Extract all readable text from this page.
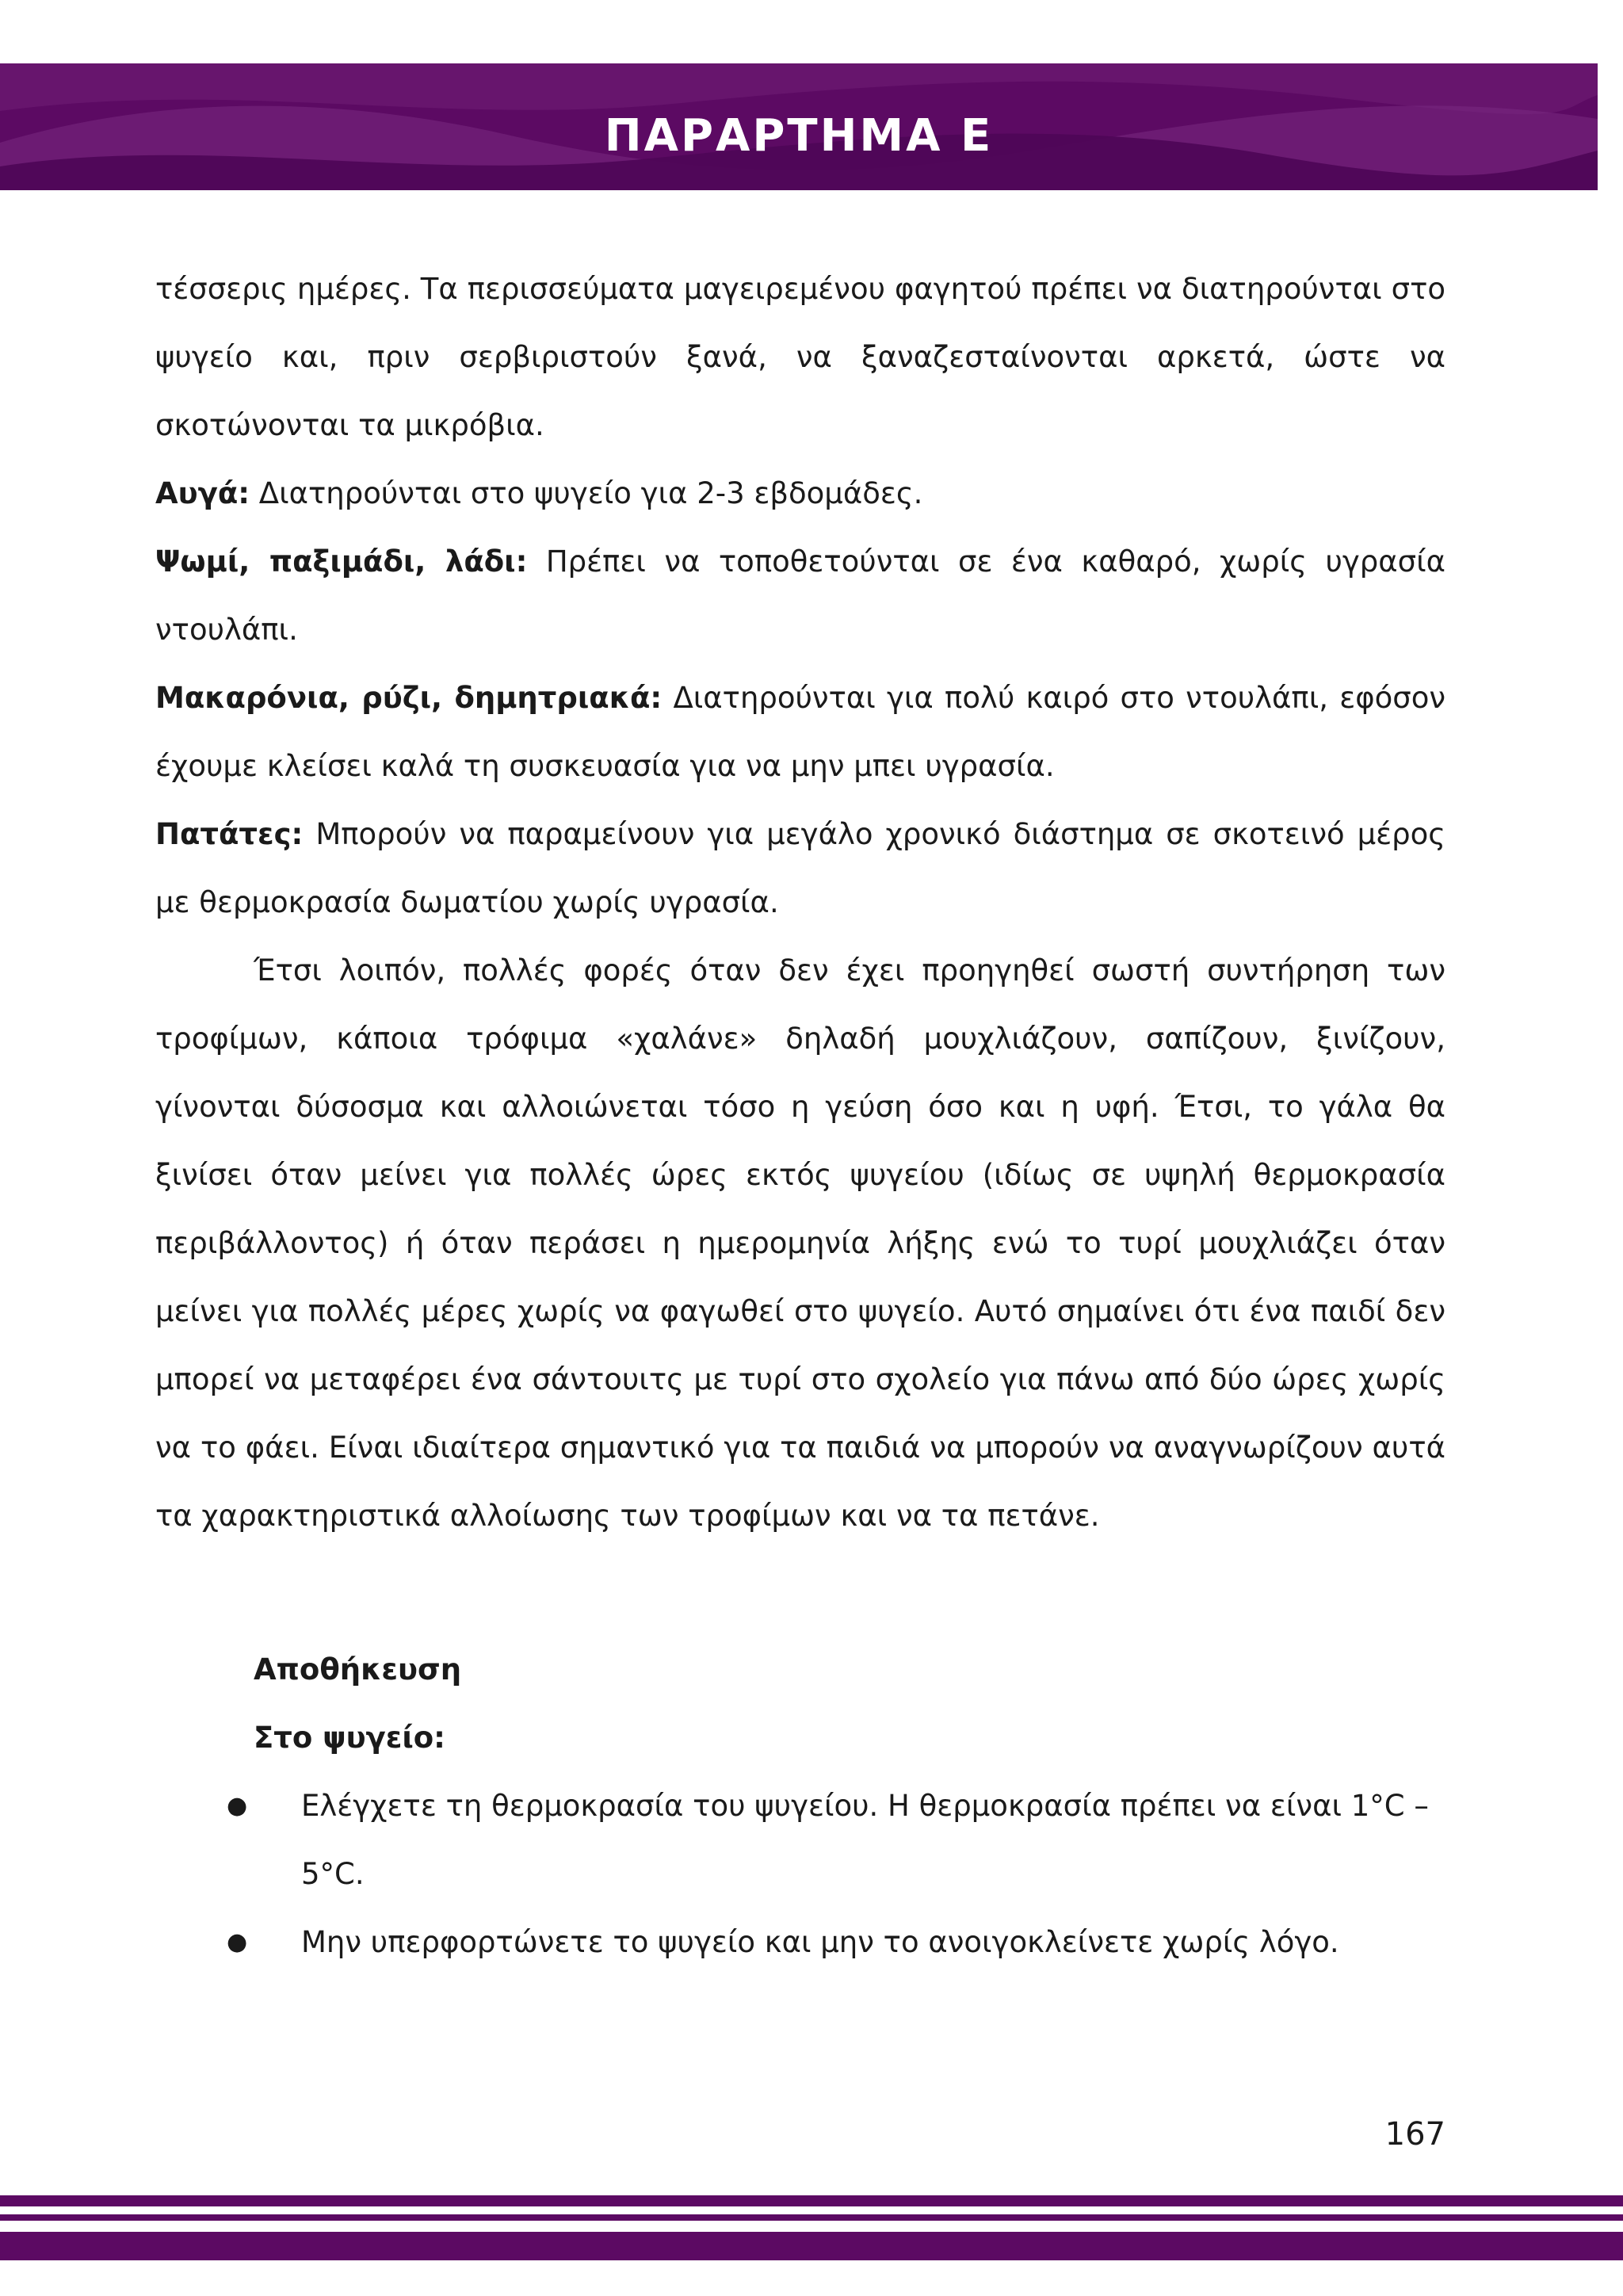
ΠΑΡΑΡΤΗΜΑ Ε

τέσσερις ημέρες. Τα περισσεύματα μαγειρεμένου φαγητού πρέπει να διατηρούνται στο ψυγείο και, πριν σερβιριστούν ξανά, να ξαναζεσταίνονται αρκετά, ώστε να σκοτώνονται τα μικρόβια.

Αυγά: Διατηρούνται στο ψυγείο για 2-3 εβδομάδες.

Ψωμί, παξιμάδι, λάδι: Πρέπει να τοποθετούνται σε ένα καθαρό, χωρίς υγρασία ντουλάπι.

Μακαρόνια, ρύζι, δημητριακά: Διατηρούνται για πολύ καιρό στο ντουλάπι, εφόσον έχουμε κλείσει καλά τη συσκευασία για να μην μπει υγρασία.

Πατάτες: Μπορούν να παραμείνουν για μεγάλο χρονικό διάστημα σε σκοτεινό μέρος με θερμοκρασία δωματίου χωρίς υγρασία.

Έτσι λοιπόν, πολλές φορές όταν δεν έχει προηγηθεί σωστή συντήρηση των τροφίμων, κάποια τρόφιμα «χαλάνε» δηλαδή μουχλιάζουν, σαπίζουν, ξινίζουν, γίνονται δύσοσμα και αλλοιώνεται τόσο η γεύση όσο και η υφή. Έτσι, το γάλα θα ξινίσει όταν μείνει για πολλές ώρες εκτός ψυγείου (ιδίως σε υψηλή θερμοκρασία περιβάλλοντος) ή όταν περάσει η ημερομηνία λήξης ενώ το τυρί μουχλιάζει όταν μείνει για πολλές μέρες χωρίς να φαγωθεί στο ψυγείο. Αυτό σημαίνει ότι ένα παιδί δεν μπορεί να μεταφέρει ένα σάντουιτς με τυρί στο σχολείο για πάνω από δύο ώρες χωρίς να το φάει. Είναι ιδιαίτερα σημαντικό για τα παιδιά να μπορούν να αναγνωρίζουν αυτά τα χαρακτηριστικά αλλοίωσης των τροφίμων και να τα πετάνε.

Αποθήκευση
Στο ψυγείο:
● Ελέγχετε τη θερμοκρασία του ψυγείου. Η θερμοκρασία πρέπει να είναι 1°C – 5°C.
● Μην υπερφορτώνετε το ψυγείο και μην το ανοιγοκλείνετε χωρίς λόγο.
167
